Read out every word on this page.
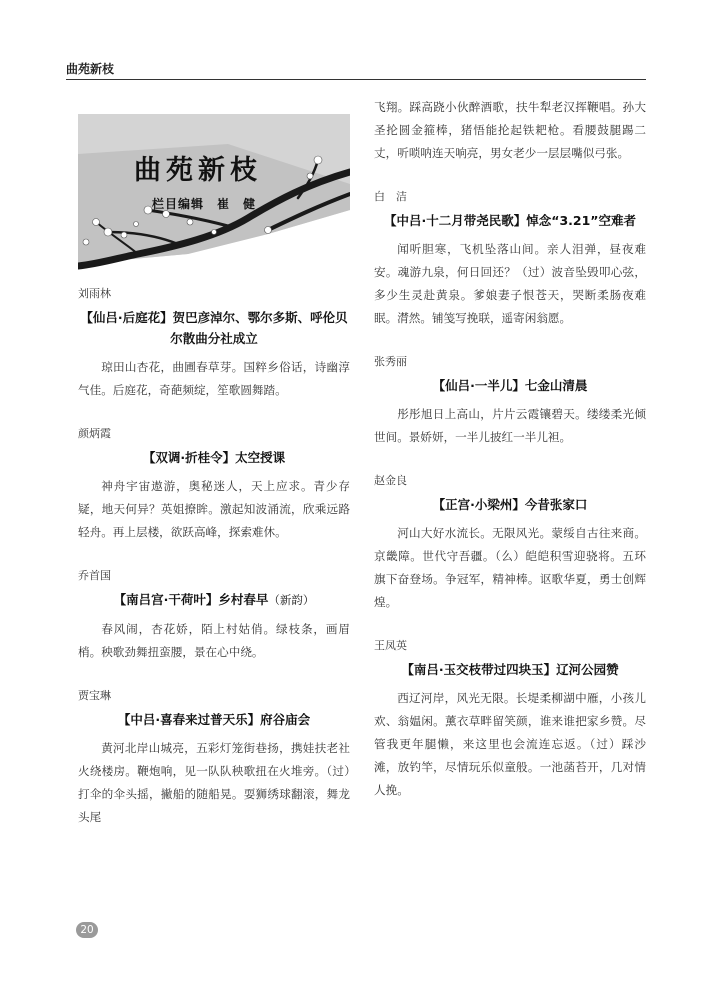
曲苑新枝
曲苑新枝
栏目编辑　崔　健

刘雨林

【仙吕·后庭花】贺巴彦淖尔、鄂尔多斯、呼伦贝尔散曲分社成立

琼田山杏花，曲圃春草芽。国粹乡俗话，诗幽淳气佳。后庭花，奇葩频绽，笙歌圆舞踏。

颜炳霞

【双调·折桂令】太空授课

神舟宇宙遨游，奥秘迷人，天上应求。青少存疑，地天何异？英姐撩眸。激起知波涌流，欣乘远路轻舟。再上层楼，欲跃高峰，探索难休。

乔首国

【南吕宫·干荷叶】乡村春早（新韵）

春风闹，杏花娇，陌上村姑俏。绿枝条，画眉梢。秧歌劲舞扭蛮腰，景在心中绕。

贾宝琳

【中吕·喜春来过普天乐】府谷庙会

黄河北岸山城亮，五彩灯笼街巷扬，携娃扶老社火绕楼房。鞭炮响，见一队队秧歌扭在火堆旁。（过）打伞的伞头摇，撇船的随船晃。耍狮绣球翻滚，舞龙头尾

飞翔。踩高跷小伙醉酒歌，扶牛犁老汉挥鞭唱。孙大圣抡圆金箍棒，猪悟能抡起铁耙枪。看腰鼓腿踢二丈，听唢呐连天响亮，男女老少一层层嘴似弓张。

白　洁

【中吕·十二月带尧民歌】悼念“3.21”空难者

闻听胆寒，飞机坠落山间。亲人泪弹，昼夜难安。魂游九泉，何日回还？（过）波音坠毁叩心弦，多少生灵赴黄泉。爹娘妻子恨苍天，哭断柔肠夜难眠。潸然。铺笺写挽联，遥寄闲翁愿。

张秀丽

【仙吕·一半儿】七金山清晨

彤彤旭日上高山，片片云霞镶碧天。缕缕柔光倾世间。景娇妍，一半儿披红一半儿袒。

赵金良

【正宫·小梁州】今昔张家口

河山大好水流长。无限风光。蒙绥自古往来商。京畿障。世代守吾疆。（么）皑皑积雪迎骁将。五环旗下奋登场。争冠军，精神棒。讴歌华夏，勇士创辉煌。

王凤英

【南吕·玉交枝带过四块玉】辽河公园赞

西辽河岸，风光无限。长堤柔柳湖中雁，小孩儿欢、翁媪闲。薰衣草畔留笑颜，谁来谁把家乡赞。尽管我更年腿懒，来这里也会流连忘返。（过）踩沙滩，放钓竿，尽情玩乐似童般。一池菡苔开，几对情人挽。

20
